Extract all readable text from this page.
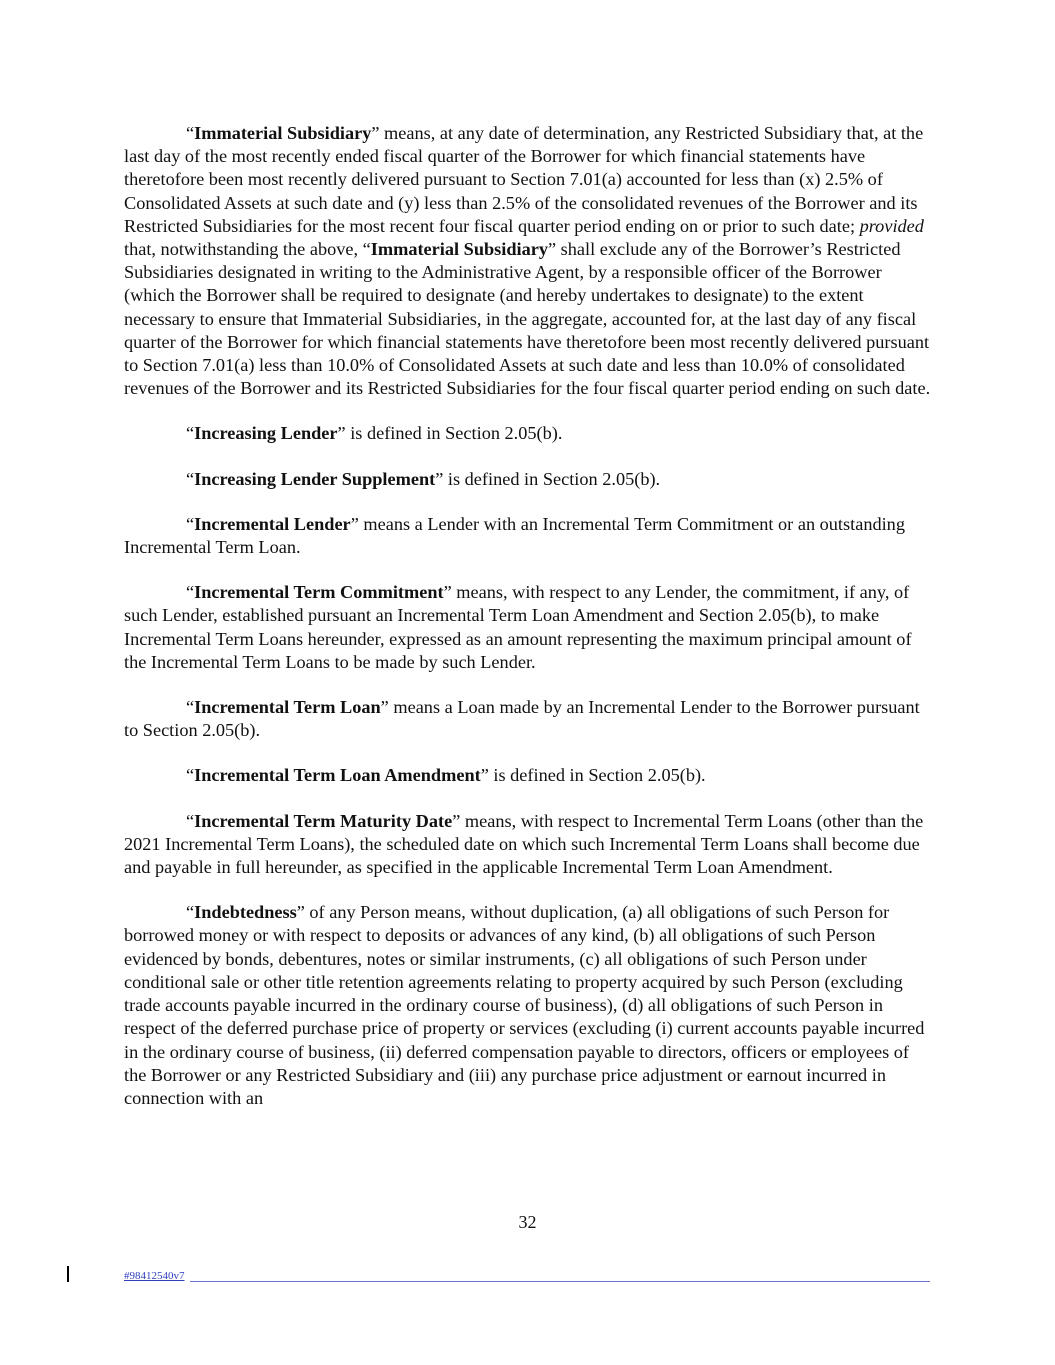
“Immaterial Subsidiary” means, at any date of determination, any Restricted Subsidiary that, at the last day of the most recently ended fiscal quarter of the Borrower for which financial statements have theretofore been most recently delivered pursuant to Section 7.01(a) accounted for less than (x) 2.5% of Consolidated Assets at such date and (y) less than 2.5% of the consolidated revenues of the Borrower and its Restricted Subsidiaries for the most recent four fiscal quarter period ending on or prior to such date; provided that, notwithstanding the above, “Immaterial Subsidiary” shall exclude any of the Borrower’s Restricted Subsidiaries designated in writing to the Administrative Agent, by a responsible officer of the Borrower (which the Borrower shall be required to designate (and hereby undertakes to designate) to the extent necessary to ensure that Immaterial Subsidiaries, in the aggregate, accounted for, at the last day of any fiscal quarter of the Borrower for which financial statements have theretofore been most recently delivered pursuant to Section 7.01(a) less than 10.0% of Consolidated Assets at such date and less than 10.0% of consolidated revenues of the Borrower and its Restricted Subsidiaries for the four fiscal quarter period ending on such date.

“Increasing Lender” is defined in Section 2.05(b).

“Increasing Lender Supplement” is defined in Section 2.05(b).

“Incremental Lender” means a Lender with an Incremental Term Commitment or an outstanding Incremental Term Loan.

“Incremental Term Commitment” means, with respect to any Lender, the commitment, if any, of such Lender, established pursuant an Incremental Term Loan Amendment and Section 2.05(b), to make Incremental Term Loans hereunder, expressed as an amount representing the maximum principal amount of the Incremental Term Loans to be made by such Lender.

“Incremental Term Loan” means a Loan made by an Incremental Lender to the Borrower pursuant to Section 2.05(b).

“Incremental Term Loan Amendment” is defined in Section 2.05(b).

“Incremental Term Maturity Date” means, with respect to Incremental Term Loans (other than the 2021 Incremental Term Loans), the scheduled date on which such Incremental Term Loans shall become due and payable in full hereunder, as specified in the applicable Incremental Term Loan Amendment.

“Indebtedness” of any Person means, without duplication, (a) all obligations of such Person for borrowed money or with respect to deposits or advances of any kind, (b) all obligations of such Person evidenced by bonds, debentures, notes or similar instruments, (c) all obligations of such Person under conditional sale or other title retention agreements relating to property acquired by such Person (excluding trade accounts payable incurred in the ordinary course of business), (d) all obligations of such Person in respect of the deferred purchase price of property or services (excluding (i) current accounts payable incurred in the ordinary course of business, (ii) deferred compensation payable to directors, officers or employees of the Borrower or any Restricted Subsidiary and (iii) any purchase price adjustment or earnout incurred in connection with an

32
#98412540v7
